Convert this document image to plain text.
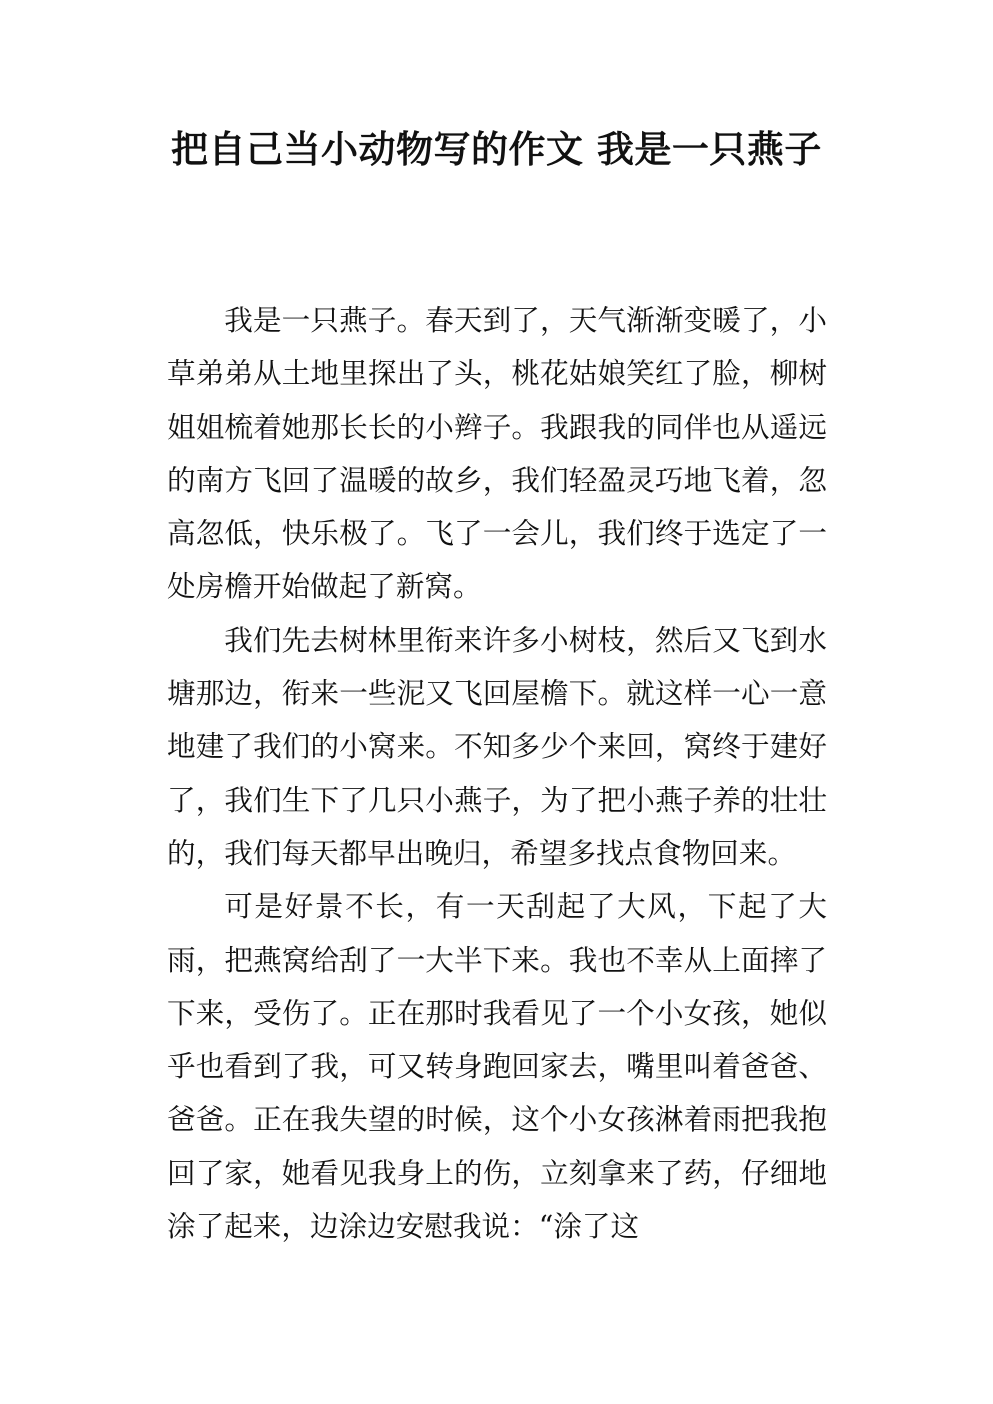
把自己当小动物写的作文 我是一只燕子

我是一只燕子。春天到了，天气渐渐变暖了，小草弟弟从土地里探出了头，桃花姑娘笑红了脸，柳树姐姐梳着她那长长的小辫子。我跟我的同伴也从遥远的南方飞回了温暖的故乡，我们轻盈灵巧地飞着，忽高忽低，快乐极了。飞了一会儿，我们终于选定了一处房檐开始做起了新窝。

我们先去树林里衔来许多小树枝，然后又飞到水塘那边，衔来一些泥又飞回屋檐下。就这样一心一意地建了我们的小窝来。不知多少个来回，窝终于建好了，我们生下了几只小燕子，为了把小燕子养的壮壮的，我们每天都早出晚归，希望多找点食物回来。

可是好景不长，有一天刮起了大风，下起了大雨，把燕窝给刮了一大半下来。我也不幸从上面摔了下来，受伤了。正在那时我看见了一个小女孩，她似乎也看到了我，可又转身跑回家去，嘴里叫着爸爸、爸爸。正在我失望的时候，这个小女孩淋着雨把我抱回了家，她看见我身上的伤，立刻拿来了药，仔细地涂了起来，边涂边安慰我说：“涂了这
